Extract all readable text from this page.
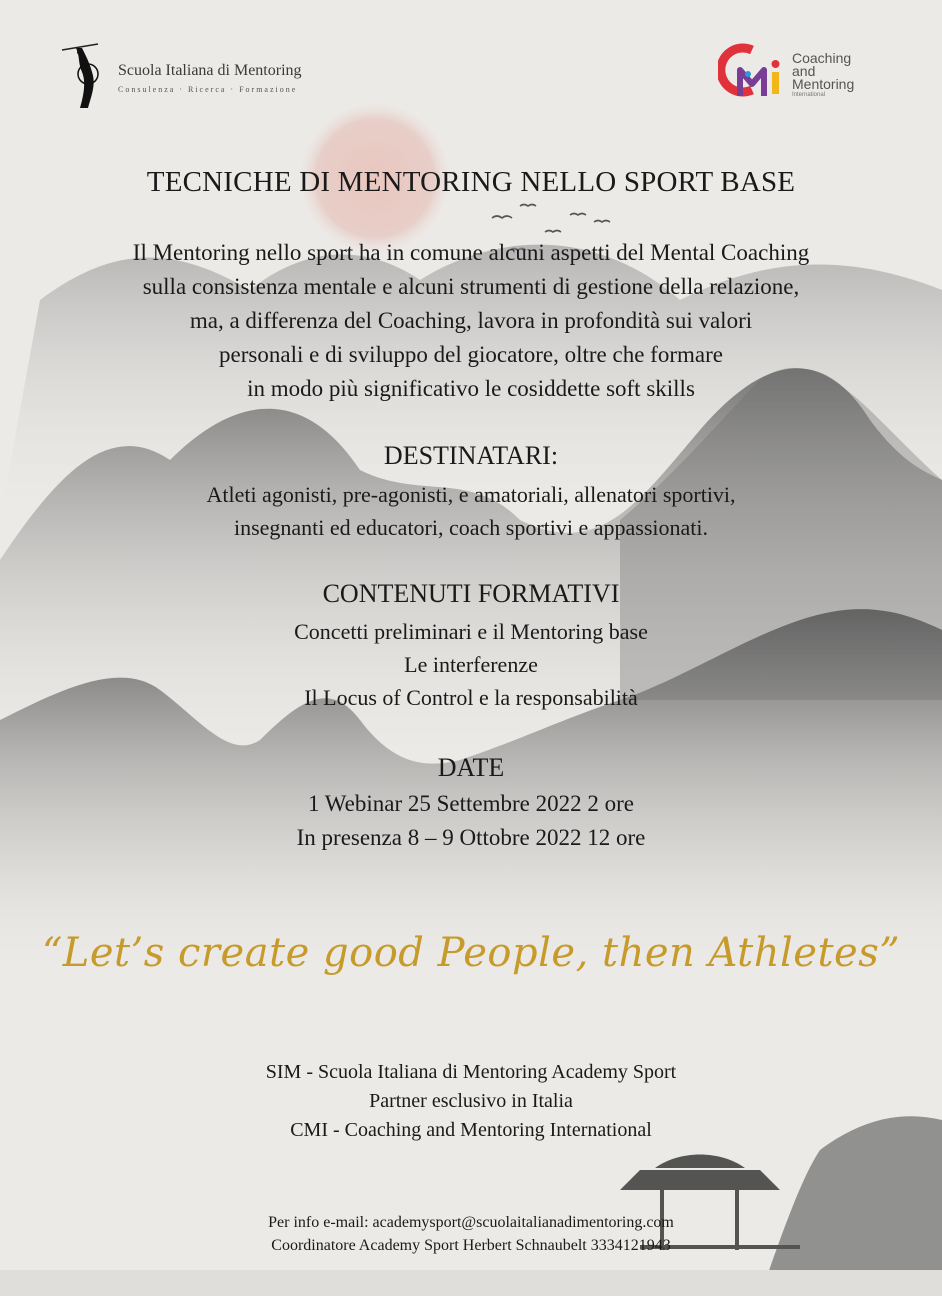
Scuola Italiana di Mentoring
Consulenza · Ricerca · Formazione
Coaching
and
Mentoring
International
TECNICHE DI MENTORING NELLO SPORT BASE
Il Mentoring nello sport ha in comune alcuni aspetti del Mental Coaching
sulla consistenza mentale e alcuni strumenti di gestione della relazione,
ma, a differenza del Coaching, lavora in profondità sui valori
personali e di sviluppo del giocatore, oltre che formare
in modo più significativo le cosiddette soft skills
DESTINATARI:
Atleti agonisti, pre-agonisti, e amatoriali, allenatori sportivi,
insegnanti ed educatori, coach sportivi e appassionati.
CONTENUTI FORMATIVI
Concetti preliminari e il Mentoring base
Le interferenze
Il Locus of Control e la responsabilità
DATE
1 Webinar 25 Settembre 2022 2 ore
In presenza 8 – 9 Ottobre 2022 12 ore
“Let’s create good People, then Athletes”
SIM - Scuola Italiana di Mentoring Academy Sport
Partner esclusivo in Italia
CMI - Coaching and Mentoring International
Per info e-mail: academysport@scuolaitalianadimentoring.com
Coordinatore Academy Sport Herbert Schnaubelt 3334121943
